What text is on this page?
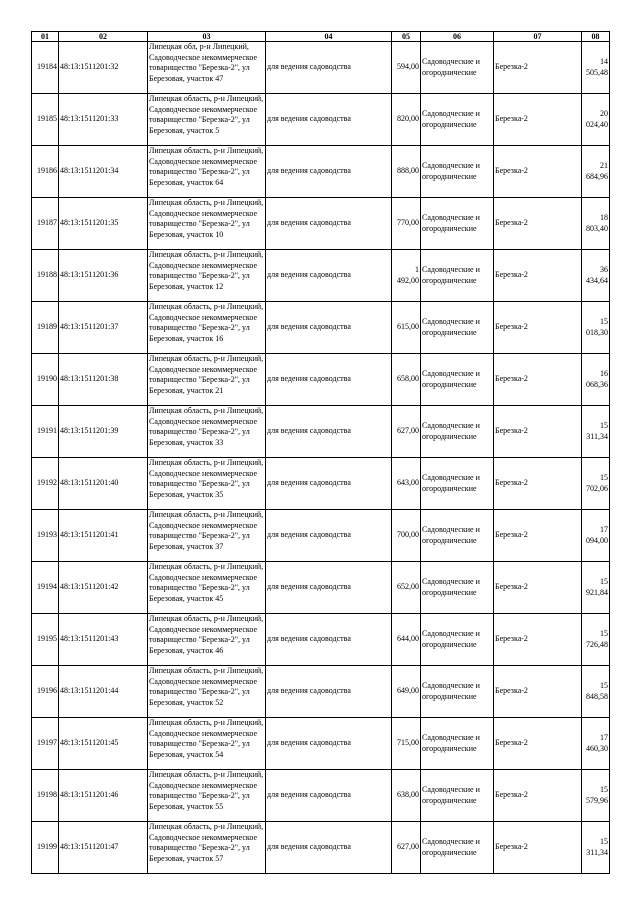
01	02	03	04	05	06	07	08
19184	48:13:1511201:32	Липецкая обл, р-н Липецкий, Садоводческое некоммерческое товарищество "Березка-2", ул Березовая, участок 47	для ведения садоводства	594,00	Садоводческие и огороднические	Березка-2	14 505,48
19185	48:13:1511201:33	Липецкая область, р-н Липецкий, Садоводческое некоммерческое товарищество "Березка-2", ул Березовая, участок 5	для ведения садоводства	820,00	Садоводческие и огороднические	Березка-2	20 024,40
19186	48:13:1511201:34	Липецкая область, р-н Липецкий, Садоводческое некоммерческое товарищество "Березка-2", ул Березовая, участок 64	для ведения садоводства	888,00	Садоводческие и огороднические	Березка-2	21 684,96
19187	48:13:1511201:35	Липецкая область, р-н Липецкий, Садоводческое некоммерческое товарищество "Березка-2", ул Березовая, участок 10	для ведения садоводства	770,00	Садоводческие и огороднические	Березка-2	18 803,40
19188	48:13:1511201:36	Липецкая область, р-н Липецкий, Садоводческое некоммерческое товарищество "Березка-2", ул Березовая, участок 12	для ведения садоводства	1 492,00	Садоводческие и огороднические	Березка-2	36 434,64
19189	48:13:1511201:37	Липецкая область, р-н Липецкий, Садоводческое некоммерческое товарищество "Березка-2", ул Березовая, участок 16	для ведения садоводства	615,00	Садоводческие и огороднические	Березка-2	15 018,30
19190	48:13:1511201:38	Липецкая область, р-н Липецкий, Садоводческое некоммерческое товарищество "Березка-2", ул Березовая, участок 21	для ведения садоводства	658,00	Садоводческие и огороднические	Березка-2	16 068,36
19191	48:13:1511201:39	Липецкая область, р-н Липецкий, Садоводческое некоммерческое товарищество "Березка-2", ул Березовая, участок 33	для ведения садоводства	627,00	Садоводческие и огороднические	Березка-2	15 311,34
19192	48:13:1511201:40	Липецкая область, р-н Липецкий, Садоводческое некоммерческое товарищество "Березка-2", ул Березовая, участок 35	для ведения садоводства	643,00	Садоводческие и огороднические	Березка-2	15 702,06
19193	48:13:1511201:41	Липецкая область, р-н Липецкий, Садоводческое некоммерческое товарищество "Березка-2", ул Березовая, участок 37	для ведения садоводства	700,00	Садоводческие и огороднические	Березка-2	17 094,00
19194	48:13:1511201:42	Липецкая область, р-н Липецкий, Садоводческое некоммерческое товарищество "Березка-2", ул Березовая, участок 45	для ведения садоводства	652,00	Садоводческие и огороднические	Березка-2	15 921,84
19195	48:13:1511201:43	Липецкая область, р-н Липецкий, Садоводческое некоммерческое товарищество "Березка-2", ул Березовая, участок 46	для ведения садоводства	644,00	Садоводческие и огороднические	Березка-2	15 726,48
19196	48:13:1511201:44	Липецкая область, р-н Липецкий, Садоводческое некоммерческое товарищество "Березка-2", ул Березовая, участок 52	для ведения садоводства	649,00	Садоводческие и огороднические	Березка-2	15 848,58
19197	48:13:1511201:45	Липецкая область, р-н Липецкий, Садоводческое некоммерческое товарищество "Березка-2", ул Березовая, участок 54	для ведения садоводства	715,00	Садоводческие и огороднические	Березка-2	17 460,30
19198	48:13:1511201:46	Липецкая область, р-н Липецкий, Садоводческое некоммерческое товарищество "Березка-2", ул Березовая, участок 55	для ведения садоводства	638,00	Садоводческие и огороднические	Березка-2	15 579,96
19199	48:13:1511201:47	Липецкая область, р-н Липецкий, Садоводческое некоммерческое товарищество "Березка-2", ул Березовая, участок 57	для ведения садоводства	627,00	Садоводческие и огороднические	Березка-2	15 311,34
